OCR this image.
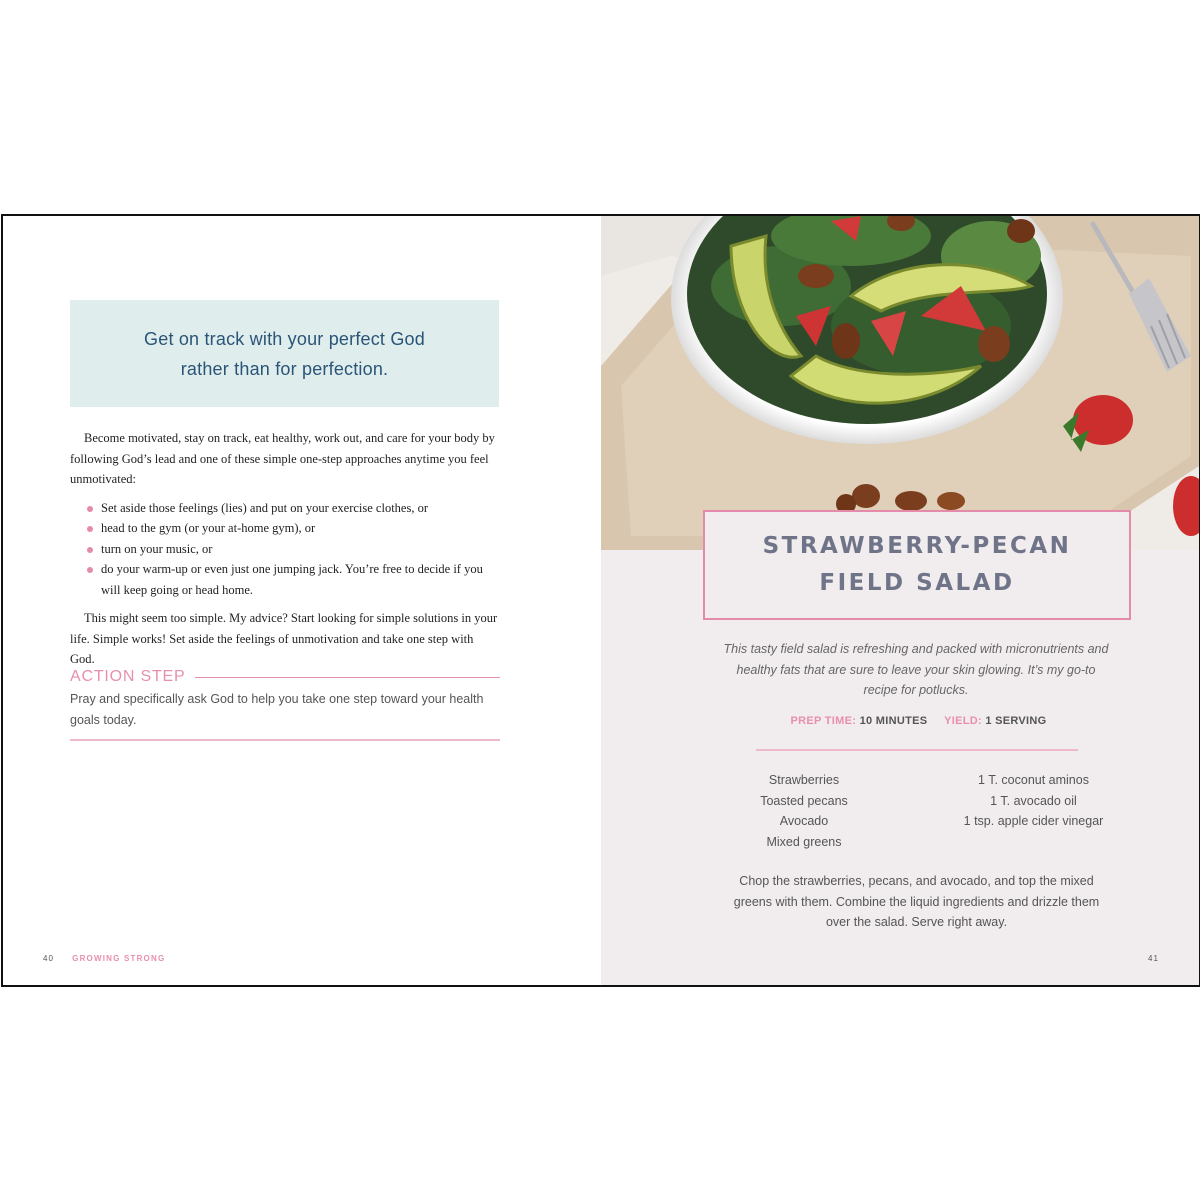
Get on track with your perfect God
rather than for perfection.

Become motivated, stay on track, eat healthy, work out, and care for your body by following God’s lead and one of these simple one-step approaches anytime you feel unmotivated:

Set aside those feelings (lies) and put on your exercise clothes, or
head to the gym (or your at-home gym), or
turn on your music, or
do your warm-up or even just one jumping jack. You’re free to decide if you will keep going or head home.

This might seem too simple. My advice? Start looking for simple solutions in your life. Simple works! Set aside the feelings of unmotivation and take one step with God.

ACTION STEP
Pray and specifically ask God to help you take one step toward your health goals today.
40 GROWING STRONG
STRAWBERRY-PECAN
FIELD SALAD
This tasty field salad is refreshing and packed with micronutrients and healthy fats that are sure to leave your skin glowing. It’s my go-to recipe for potlucks.
PREP TIME: 10 MINUTES YIELD: 1 SERVING
Strawberries
Toasted pecans
Avocado
Mixed greens
1 T. coconut aminos
1 T. avocado oil
1 tsp. apple cider vinegar
Chop the strawberries, pecans, and avocado, and top the mixed greens with them. Combine the liquid ingredients and drizzle them over the salad. Serve right away.
41
